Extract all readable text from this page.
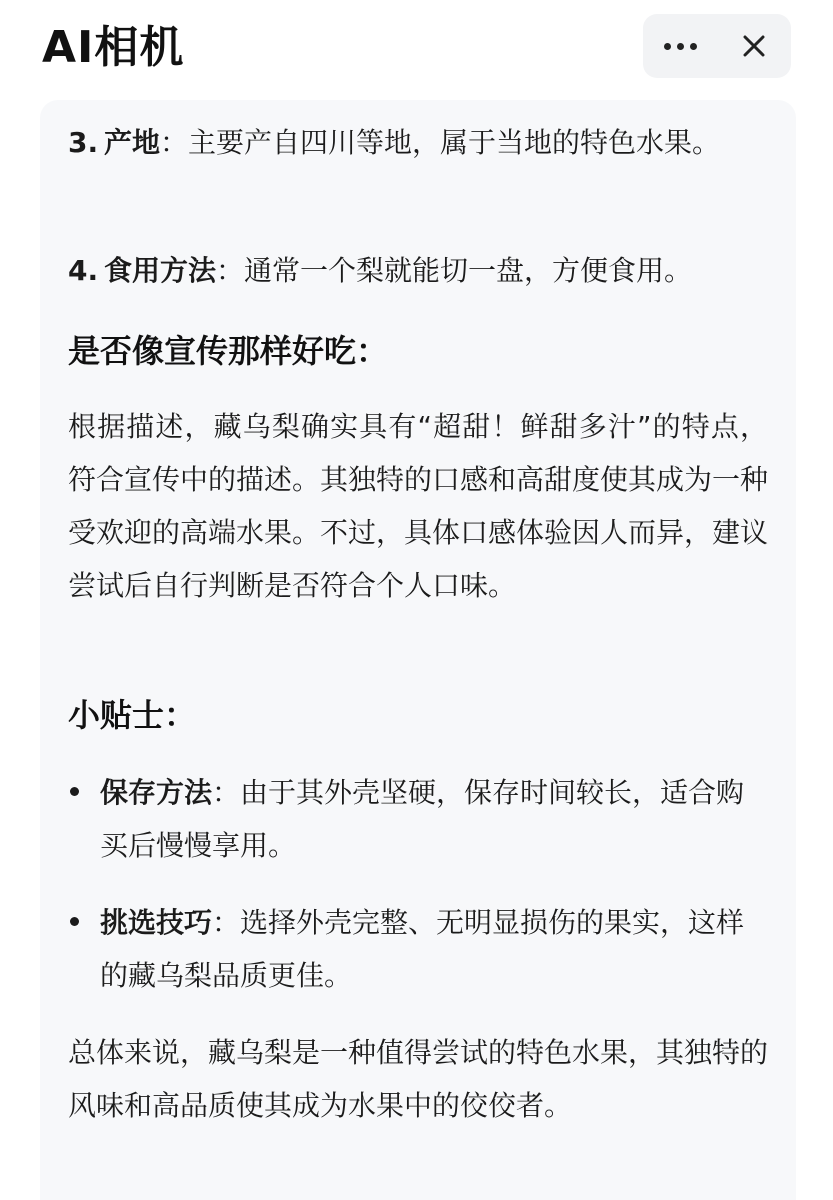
AI相机
3. 产地：主要产自四川等地，属于当地的特色水果。
4. 食用方法：通常一个梨就能切一盘，方便食用。
是否像宣传那样好吃：
根据描述，藏乌梨确实具有“超甜！鲜甜多汁”的特点，符合宣传中的描述。其独特的口感和高甜度使其成为一种受欢迎的高端水果。不过，具体口感体验因人而异，建议尝试后自行判断是否符合个人口味。
小贴士：
保存方法：由于其外壳坚硬，保存时间较长，适合购买后慢慢享用。
挑选技巧：选择外壳完整、无明显损伤的果实，这样的藏乌梨品质更佳。
总体来说，藏乌梨是一种值得尝试的特色水果，其独特的风味和高品质使其成为水果中的佼佼者。
